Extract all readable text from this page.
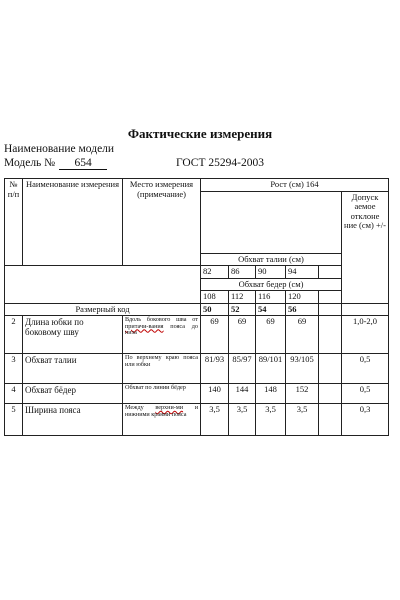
Фактические измерения
Наименование модели
Модель № 654	ГОСТ 25294-2003
№ п/п	Наименование измерения	Место измерения (примечание)	Рост (см) 164						
								Допуск аемое отклоне ние (см) +/-	
			Обхват талии (см)						
			82	86	90	94			
			Обхват бедер (см)						
			108	112	116	120			
Размерный код			50	52	54	56			
2	Длина юбки по боковому шву	Вдоль бокового шва от притачи-вания пояса до низа	69	69	69	69		1,0-2,0	
3	Обхват талии	По верхнему краю пояса или юбки	81/93	85/97	89/101	93/105		0,5	
4	Обхват бёдер	Обхват по линии бёдер	140	144	148	152		0,5	
5	Ширина пояса	Между верхни-ми и нижними краями пояса	3,5	3,5	3,5	3,5		0,3	
